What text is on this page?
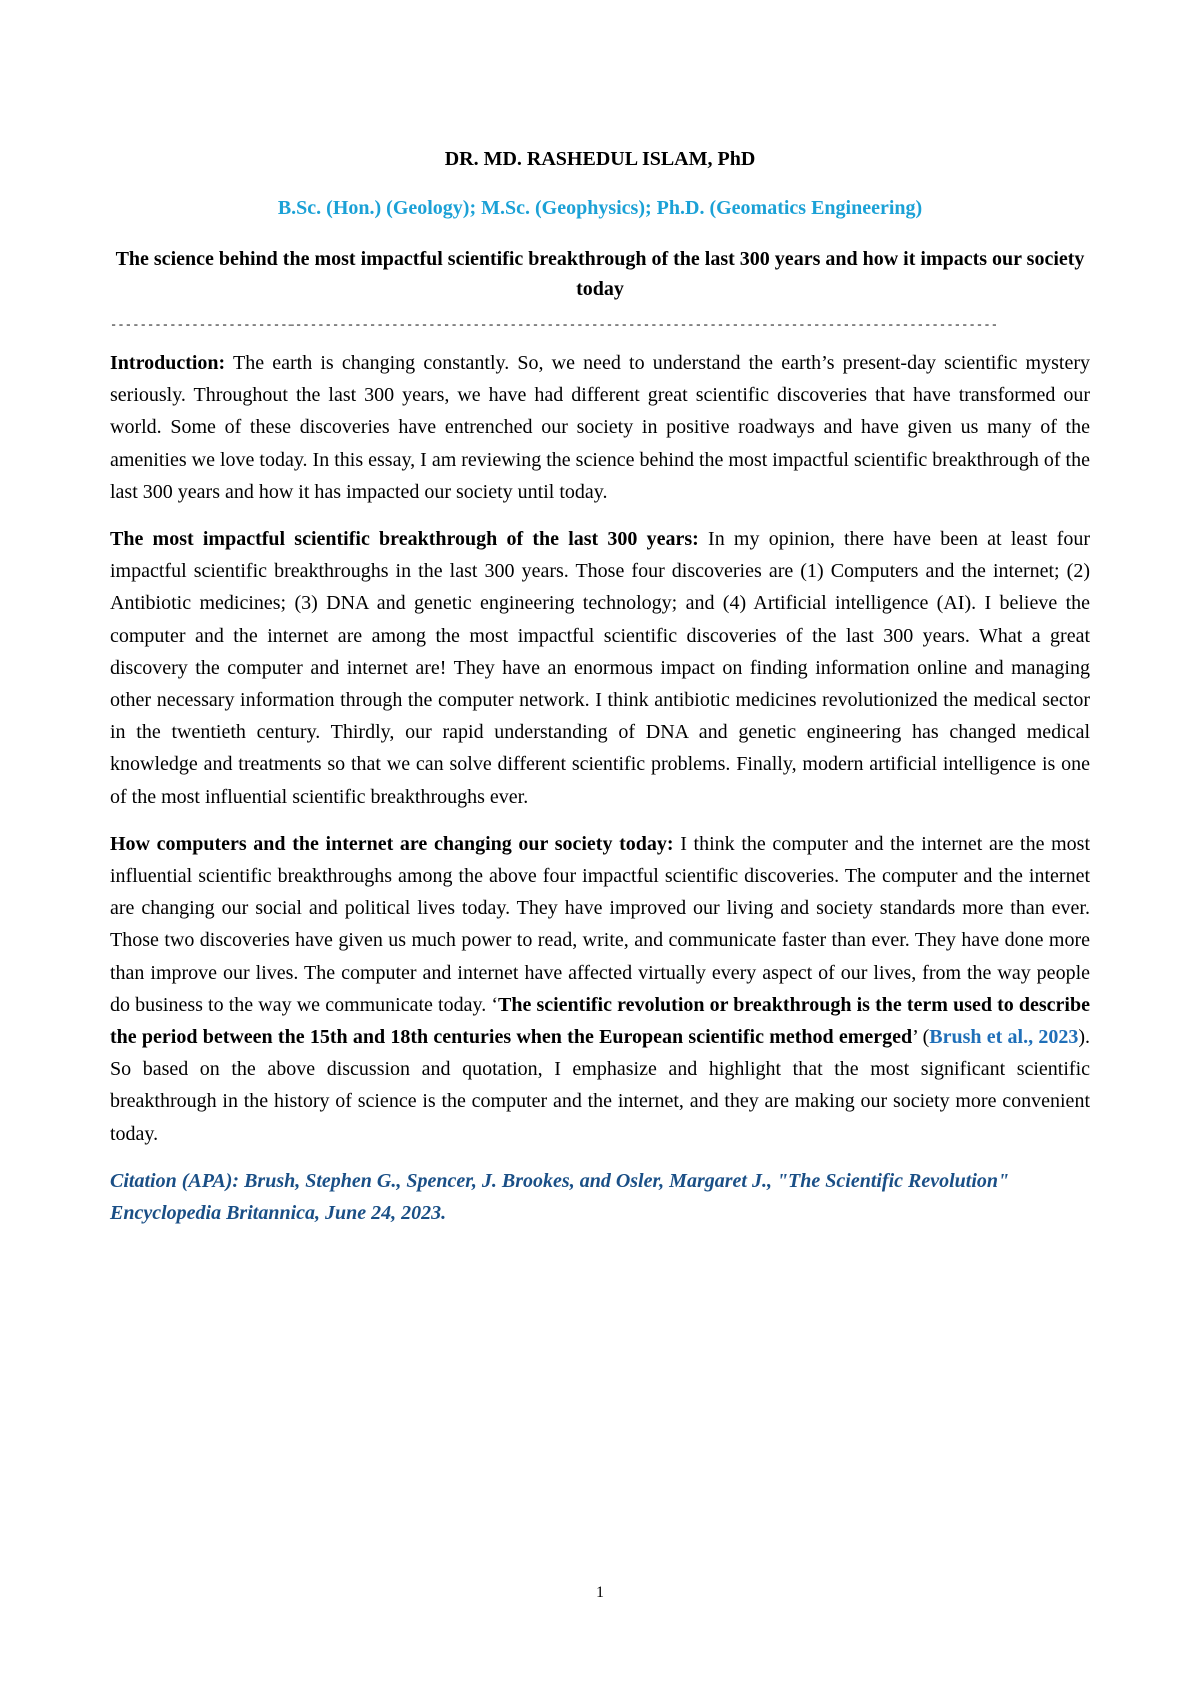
DR. MD. RASHEDUL ISLAM, PhD
B.Sc. (Hon.) (Geology); M.Sc. (Geophysics); Ph.D. (Geomatics Engineering)
The science behind the most impactful scientific breakthrough of the last 300 years and how it impacts our society today
------------------------–-----------------------------------------------------------------------------------------------

Introduction: The earth is changing constantly. So, we need to understand the earth’s present-day scientific mystery seriously. Throughout the last 300 years, we have had different great scientific discoveries that have transformed our world. Some of these discoveries have entrenched our society in positive roadways and have given us many of the amenities we love today. In this essay, I am reviewing the science behind the most impactful scientific breakthrough of the last 300 years and how it has impacted our society until today.

The most impactful scientific breakthrough of the last 300 years: In my opinion, there have been at least four impactful scientific breakthroughs in the last 300 years. Those four discoveries are (1) Computers and the internet; (2) Antibiotic medicines; (3) DNA and genetic engineering technology; and (4) Artificial intelligence (AI). I believe the computer and the internet are among the most impactful scientific discoveries of the last 300 years. What a great discovery the computer and internet are! They have an enormous impact on finding information online and managing other necessary information through the computer network. I think antibiotic medicines revolutionized the medical sector in the twentieth century. Thirdly, our rapid understanding of DNA and genetic engineering has changed medical knowledge and treatments so that we can solve different scientific problems. Finally, modern artificial intelligence is one of the most influential scientific breakthroughs ever.

How computers and the internet are changing our society today: I think the computer and the internet are the most influential scientific breakthroughs among the above four impactful scientific discoveries. The computer and the internet are changing our social and political lives today. They have improved our living and society standards more than ever. Those two discoveries have given us much power to read, write, and communicate faster than ever. They have done more than improve our lives. The computer and internet have affected virtually every aspect of our lives, from the way people do business to the way we communicate today. ‘The scientific revolution or breakthrough is the term used to describe the period between the 15th and 18th centuries when the European scientific method emerged’ (Brush et al., 2023). So based on the above discussion and quotation, I emphasize and highlight that the most significant scientific breakthrough in the history of science is the computer and the internet, and they are making our society more convenient today.

Citation (APA): Brush, Stephen G., Spencer, J. Brookes, and Osler, Margaret J., "The Scientific Revolution" Encyclopedia Britannica, June 24, 2023.

1
